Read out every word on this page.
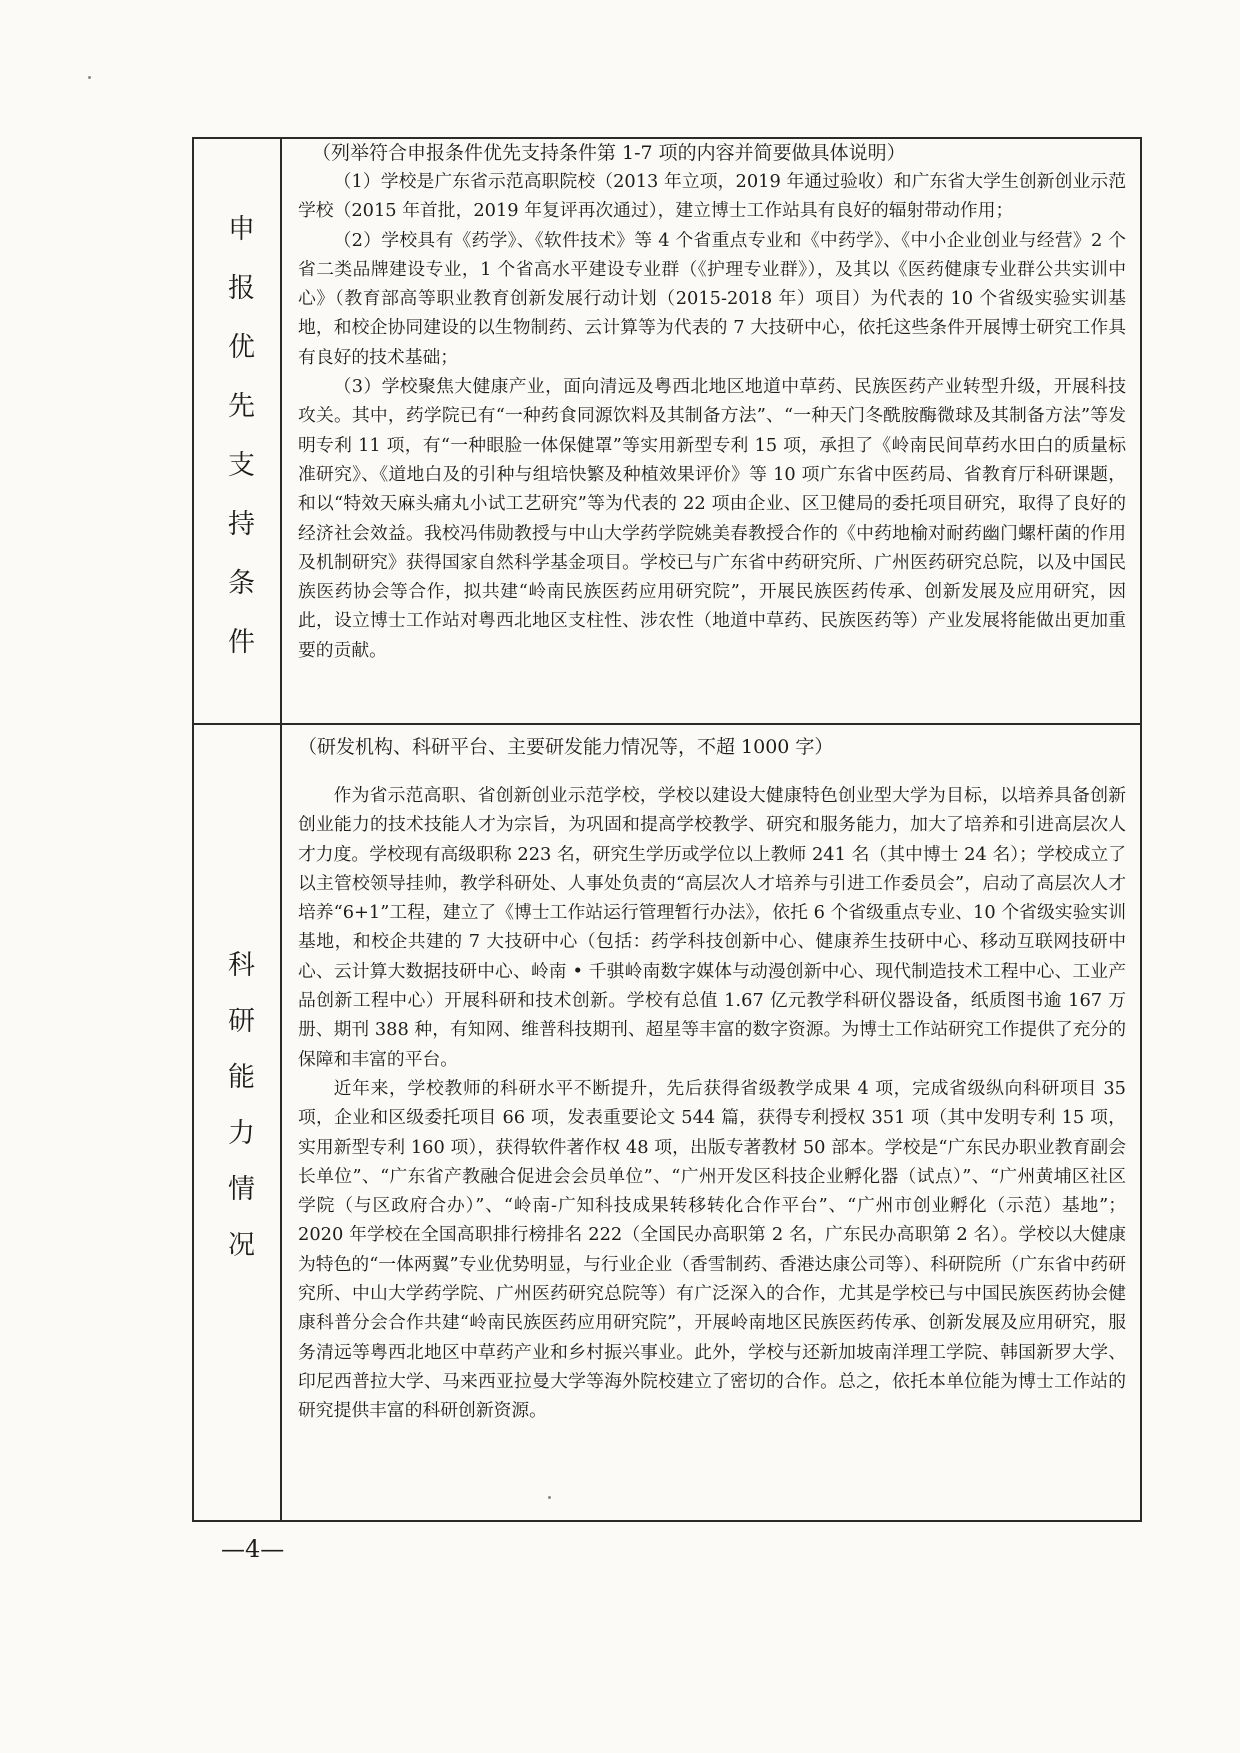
申报优先支持条件

（列举符合申报条件优先支持条件第 1-7 项的内容并简要做具体说明）

（1）学校是广东省示范高职院校（2013 年立项，2019 年通过验收）和广东省大学生创新创业示范学校（2015 年首批，2019 年复评再次通过），建立博士工作站具有良好的辐射带动作用；

（2）学校具有《药学》、《软件技术》等 4 个省重点专业和《中药学》、《中小企业创业与经营》2 个省二类品牌建设专业，1 个省高水平建设专业群（《护理专业群》），及其以《医药健康专业群公共实训中心》（教育部高等职业教育创新发展行动计划（2015-2018 年）项目）为代表的 10 个省级实验实训基地，和校企协同建设的以生物制药、云计算等为代表的 7 大技研中心，依托这些条件开展博士研究工作具有良好的技术基础；

（3）学校聚焦大健康产业，面向清远及粤西北地区地道中草药、民族医药产业转型升级，开展科技攻关。其中，药学院已有“一种药食同源饮料及其制备方法”、“一种天门冬酰胺酶微球及其制备方法”等发明专利 11 项，有“一种眼脸一体保健罩”等实用新型专利 15 项，承担了《岭南民间草药水田白的质量标准研究》、《道地白及的引种与组培快繁及种植效果评价》等 10 项广东省中医药局、省教育厅科研课题，和以“特效天麻头痛丸小试工艺研究”等为代表的 22 项由企业、区卫健局的委托项目研究，取得了良好的经济社会效益。我校冯伟勋教授与中山大学药学院姚美春教授合作的《中药地榆对耐药幽门螺杆菌的作用及机制研究》获得国家自然科学基金项目。学校已与广东省中药研究所、广州医药研究总院，以及中国民族医药协会等合作，拟共建“岭南民族医药应用研究院”，开展民族医药传承、创新发展及应用研究，因此，设立博士工作站对粤西北地区支柱性、涉农性（地道中草药、民族医药等）产业发展将能做出更加重要的贡献。

科研能力情况

（研发机构、科研平台、主要研发能力情况等，不超 1000 字）

作为省示范高职、省创新创业示范学校，学校以建设大健康特色创业型大学为目标，以培养具备创新创业能力的技术技能人才为宗旨，为巩固和提高学校教学、研究和服务能力，加大了培养和引进高层次人才力度。学校现有高级职称 223 名，研究生学历或学位以上教师 241 名（其中博士 24 名）；学校成立了以主管校领导挂帅，教学科研处、人事处负责的“高层次人才培养与引进工作委员会”，启动了高层次人才培养“6+1”工程，建立了《博士工作站运行管理暂行办法》，依托 6 个省级重点专业、10 个省级实验实训基地，和校企共建的 7 大技研中心（包括：药学科技创新中心、健康养生技研中心、移动互联网技研中心、云计算大数据技研中心、岭南 • 千骐岭南数字媒体与动漫创新中心、现代制造技术工程中心、工业产品创新工程中心）开展科研和技术创新。学校有总值 1.67 亿元教学科研仪器设备，纸质图书逾 167 万册、期刊 388 种，有知网、维普科技期刊、超星等丰富的数字资源。为博士工作站研究工作提供了充分的保障和丰富的平台。

近年来，学校教师的科研水平不断提升，先后获得省级教学成果 4 项，完成省级纵向科研项目 35 项，企业和区级委托项目 66 项，发表重要论文 544 篇，获得专利授权 351 项（其中发明专利 15 项，实用新型专利 160 项），获得软件著作权 48 项，出版专著教材 50 部本。学校是“广东民办职业教育副会长单位”、“广东省产教融合促进会会员单位”、“广州开发区科技企业孵化器（试点）”、“广州黄埔区社区学院（与区政府合办）”、“岭南-广知科技成果转移转化合作平台”、“广州市创业孵化（示范）基地”；2020 年学校在全国高职排行榜排名 222（全国民办高职第 2 名，广东民办高职第 2 名）。学校以大健康为特色的“一体两翼”专业优势明显，与行业企业（香雪制药、香港达康公司等）、科研院所（广东省中药研究所、中山大学药学院、广州医药研究总院等）有广泛深入的合作，尤其是学校已与中国民族医药协会健康科普分会合作共建“岭南民族医药应用研究院”，开展岭南地区民族医药传承、创新发展及应用研究，服务清远等粤西北地区中草药产业和乡村振兴事业。此外，学校与还新加坡南洋理工学院、韩国新罗大学、印尼西普拉大学、马来西亚拉曼大学等海外院校建立了密切的合作。总之，依托本单位能为博士工作站的研究提供丰富的科研创新资源。

—4—
